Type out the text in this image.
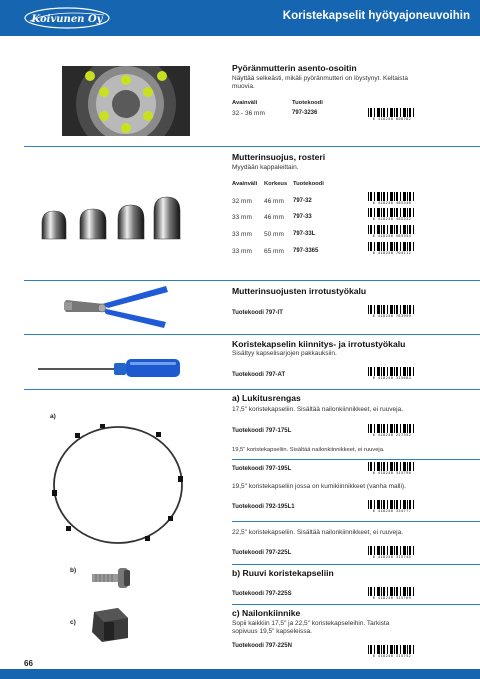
Koivunen Oy	Koristekapselit hyötyajoneuvoihin
Pyöränmutterin asento-osoitin
Näyttää selkeästi, mikäli pyöränmutteri on löystynyt. Keltaista
muovia.
Avainväli	Tuotekoodi
32 - 36 mm	797-3236
6 418240 800782
Mutterinsuojus, rosteri
Myydään kappaleittain.
Avainväli Korkeus Tuotekoodi
32 mm 46 mm 797-32	6 418240 485348
33 mm 46 mm 797-33	6 418240 485332
33 mm 50 mm 797-33L	6 418240 585354
33 mm 65 mm 797-3365	6 418240 704112
Mutterinsuojusten irrotustyökalu
Tuotekoodi 797-IT	6 418240 783959
Koristekapselin kiinnitys- ja irrotustyökalu
Sisältyy kapselisarjojen pakkauksiin.
Tuotekoodi 797-AT	6 418240 315684
a)
a) Lukitusrengas
17,5" koristekapseliin. Sisältää nailonkiinnikkeet, ei ruuveja.
Tuotekoodi 797-175L
6 418240 227352
19,5" koristekapseliin. Sisältää nailonkiinnikkeet, ei ruuveja.
Tuotekoodi 797-195L
6 418240 315790
19,5" koristekapseliin jossa on kumikiinnikkeet (vanha malli).
Tuotekoodi 792-195L1
6 418240 334777
22,5" koristekapseliin. Sisältää nailonkiinnikkeet, ei ruuveja.
Tuotekoodi 797-225L
6 418240 315745
b)	b) Ruuvi koristekapseliin
Tuotekoodi 797-225S
6 418240 315769
c)
c) Nailonkiinnike
Sopii kaikkiin 17,5" ja 22,5" koristekapseleihin. Tarkista
sopivuus 19,5" kapseleissa.
Tuotekoodi 797-225N
6 418240 315752
66
